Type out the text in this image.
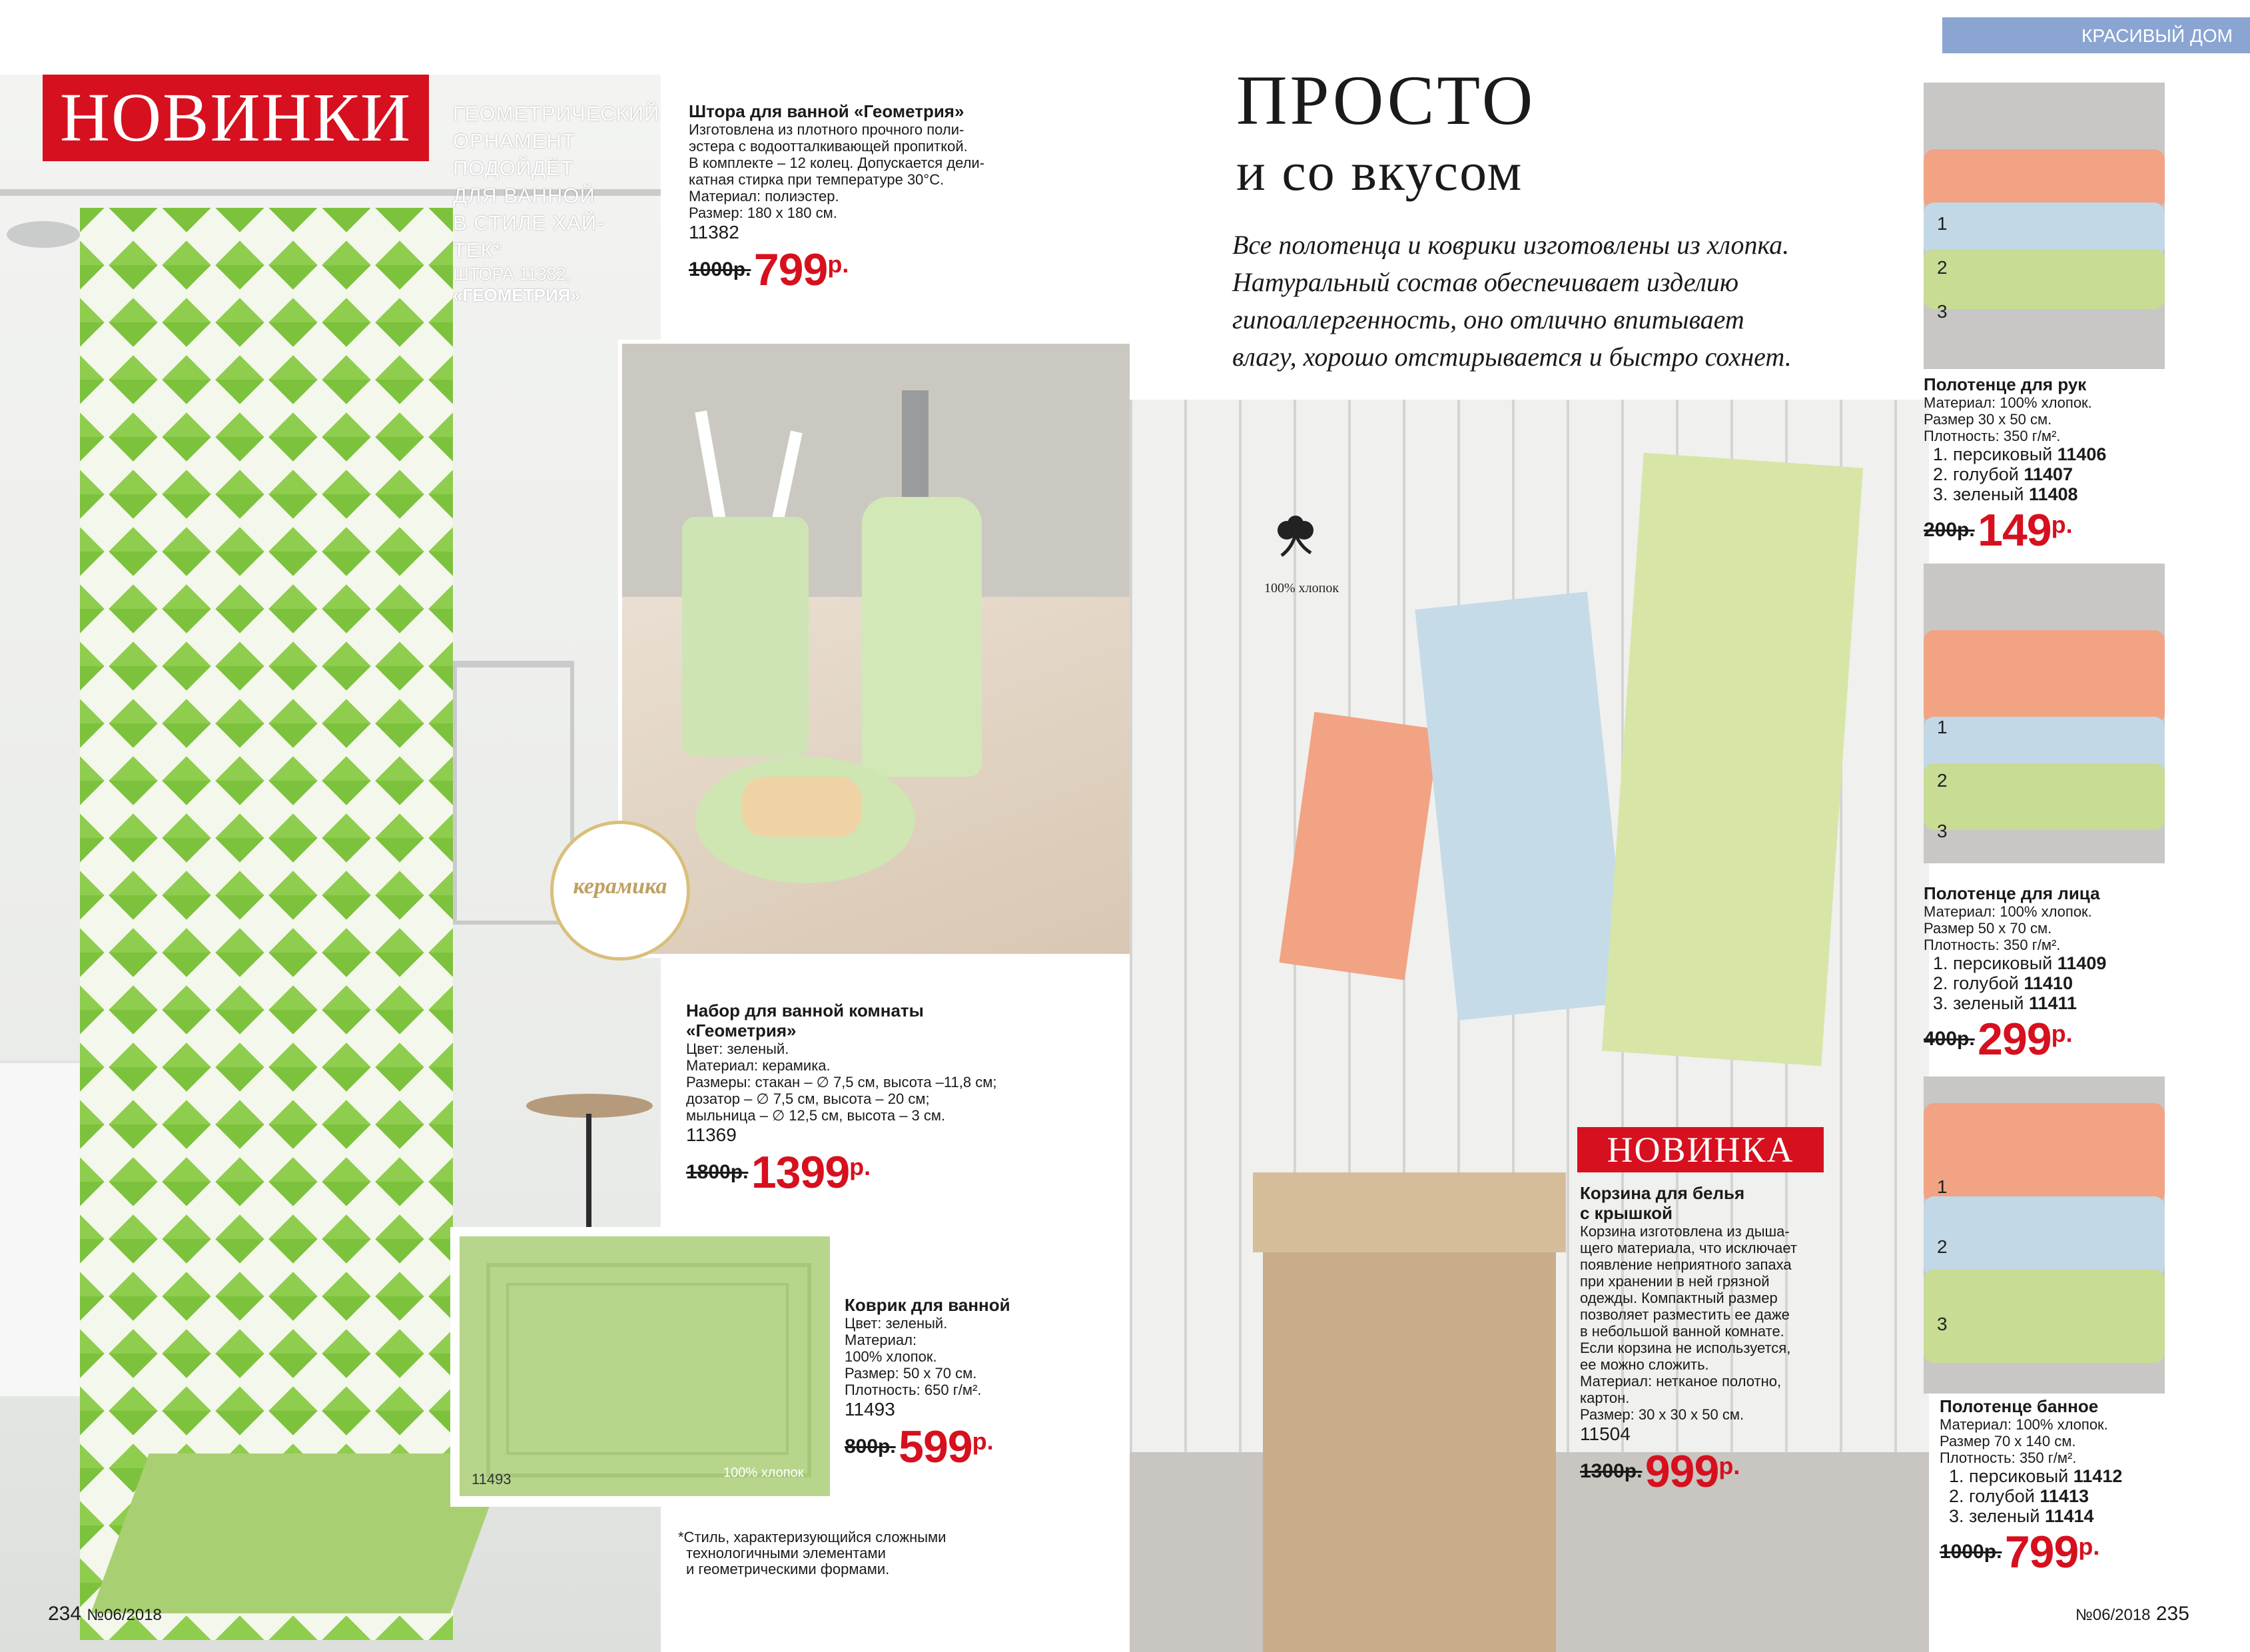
НОВИНКИ	ГЕОМЕТРИЧЕСКИЙ
ОРНАМЕНТ
ПОДОЙДЁТ
ДЛЯ ВАННОЙ
В СТИЛЕ ХАЙ-ТЕК*
ШТОРА 11382,
«ГЕОМЕТРИЯ»
Штора для ванной «Геометрия»
Изготовлена из плотного прочного поли-
эстера с водоотталкивающей пропиткой.
В комплекте – 12 колец. Допускается дели-
катная стирка при температуре 30°С.
Материал: полиэстер.
Размер: 180 х 180 см.
11382
1000р. 799р.
керамика
Набор для ванной комнаты
«Геометрия»
Цвет: зеленый.
Материал: керамика.
Размеры: стакан – ∅ 7,5 см, высота –11,8 см;
дозатор – ∅ 7,5 см, высота – 20 см;
мыльница – ∅ 12,5 см, высота – 3 см.
11369
1800р. 1399р.
11493	100% хлопок
Коврик для ванной
Цвет: зеленый.
Материал:
100% хлопок.
Размер: 50 х 70 см.
Плотность: 650 г/м².
11493
800р. 599р.
*Стиль, характеризующийся сложными
технологичными элементами
и геометрическими формами.
234 №06/2018
КРАСИВЫЙ ДОМ
ПРОСТО
и со вкусом
Все полотенца и коврики изготовлены из хлопка.
Натуральный состав обеспечивает изделию
гипоаллергенность, оно отлично впитывает
влагу, хорошо отстирывается и быстро сохнет.
100% хлопок
НОВИНКА
Корзина для белья
с крышкой
Корзина изготовлена из дыша-
щего материала, что исключает
появление неприятного запаха
при хранении в ней грязной
одежды. Компактный размер
позволяет разместить ее даже
в небольшой ванной комнате.
Если корзина не используется,
ее можно сложить.
Материал: нетканое полотно,
картон.
Размер: 30 х 30 х 50 см.
11504
1300р. 999р.
1
2
3
1
2
3
1
2
3
Полотенце для рук
Материал: 100% хлопок.
Размер 30 х 50 см.
Плотность: 350 г/м².
1. персиковый 11406
2. голубой 11407
3. зеленый 11408
200р. 149р.
Полотенце для лица
Материал: 100% хлопок.
Размер 50 х 70 см.
Плотность: 350 г/м².
1. персиковый 11409
2. голубой 11410
3. зеленый 11411
400р. 299р.
Полотенце банное
Материал: 100% хлопок.
Размер 70 х 140 см.
Плотность: 350 г/м².
1. персиковый 11412
2. голубой 11413
3. зеленый 11414
1000р. 799р.
№06/2018 235
